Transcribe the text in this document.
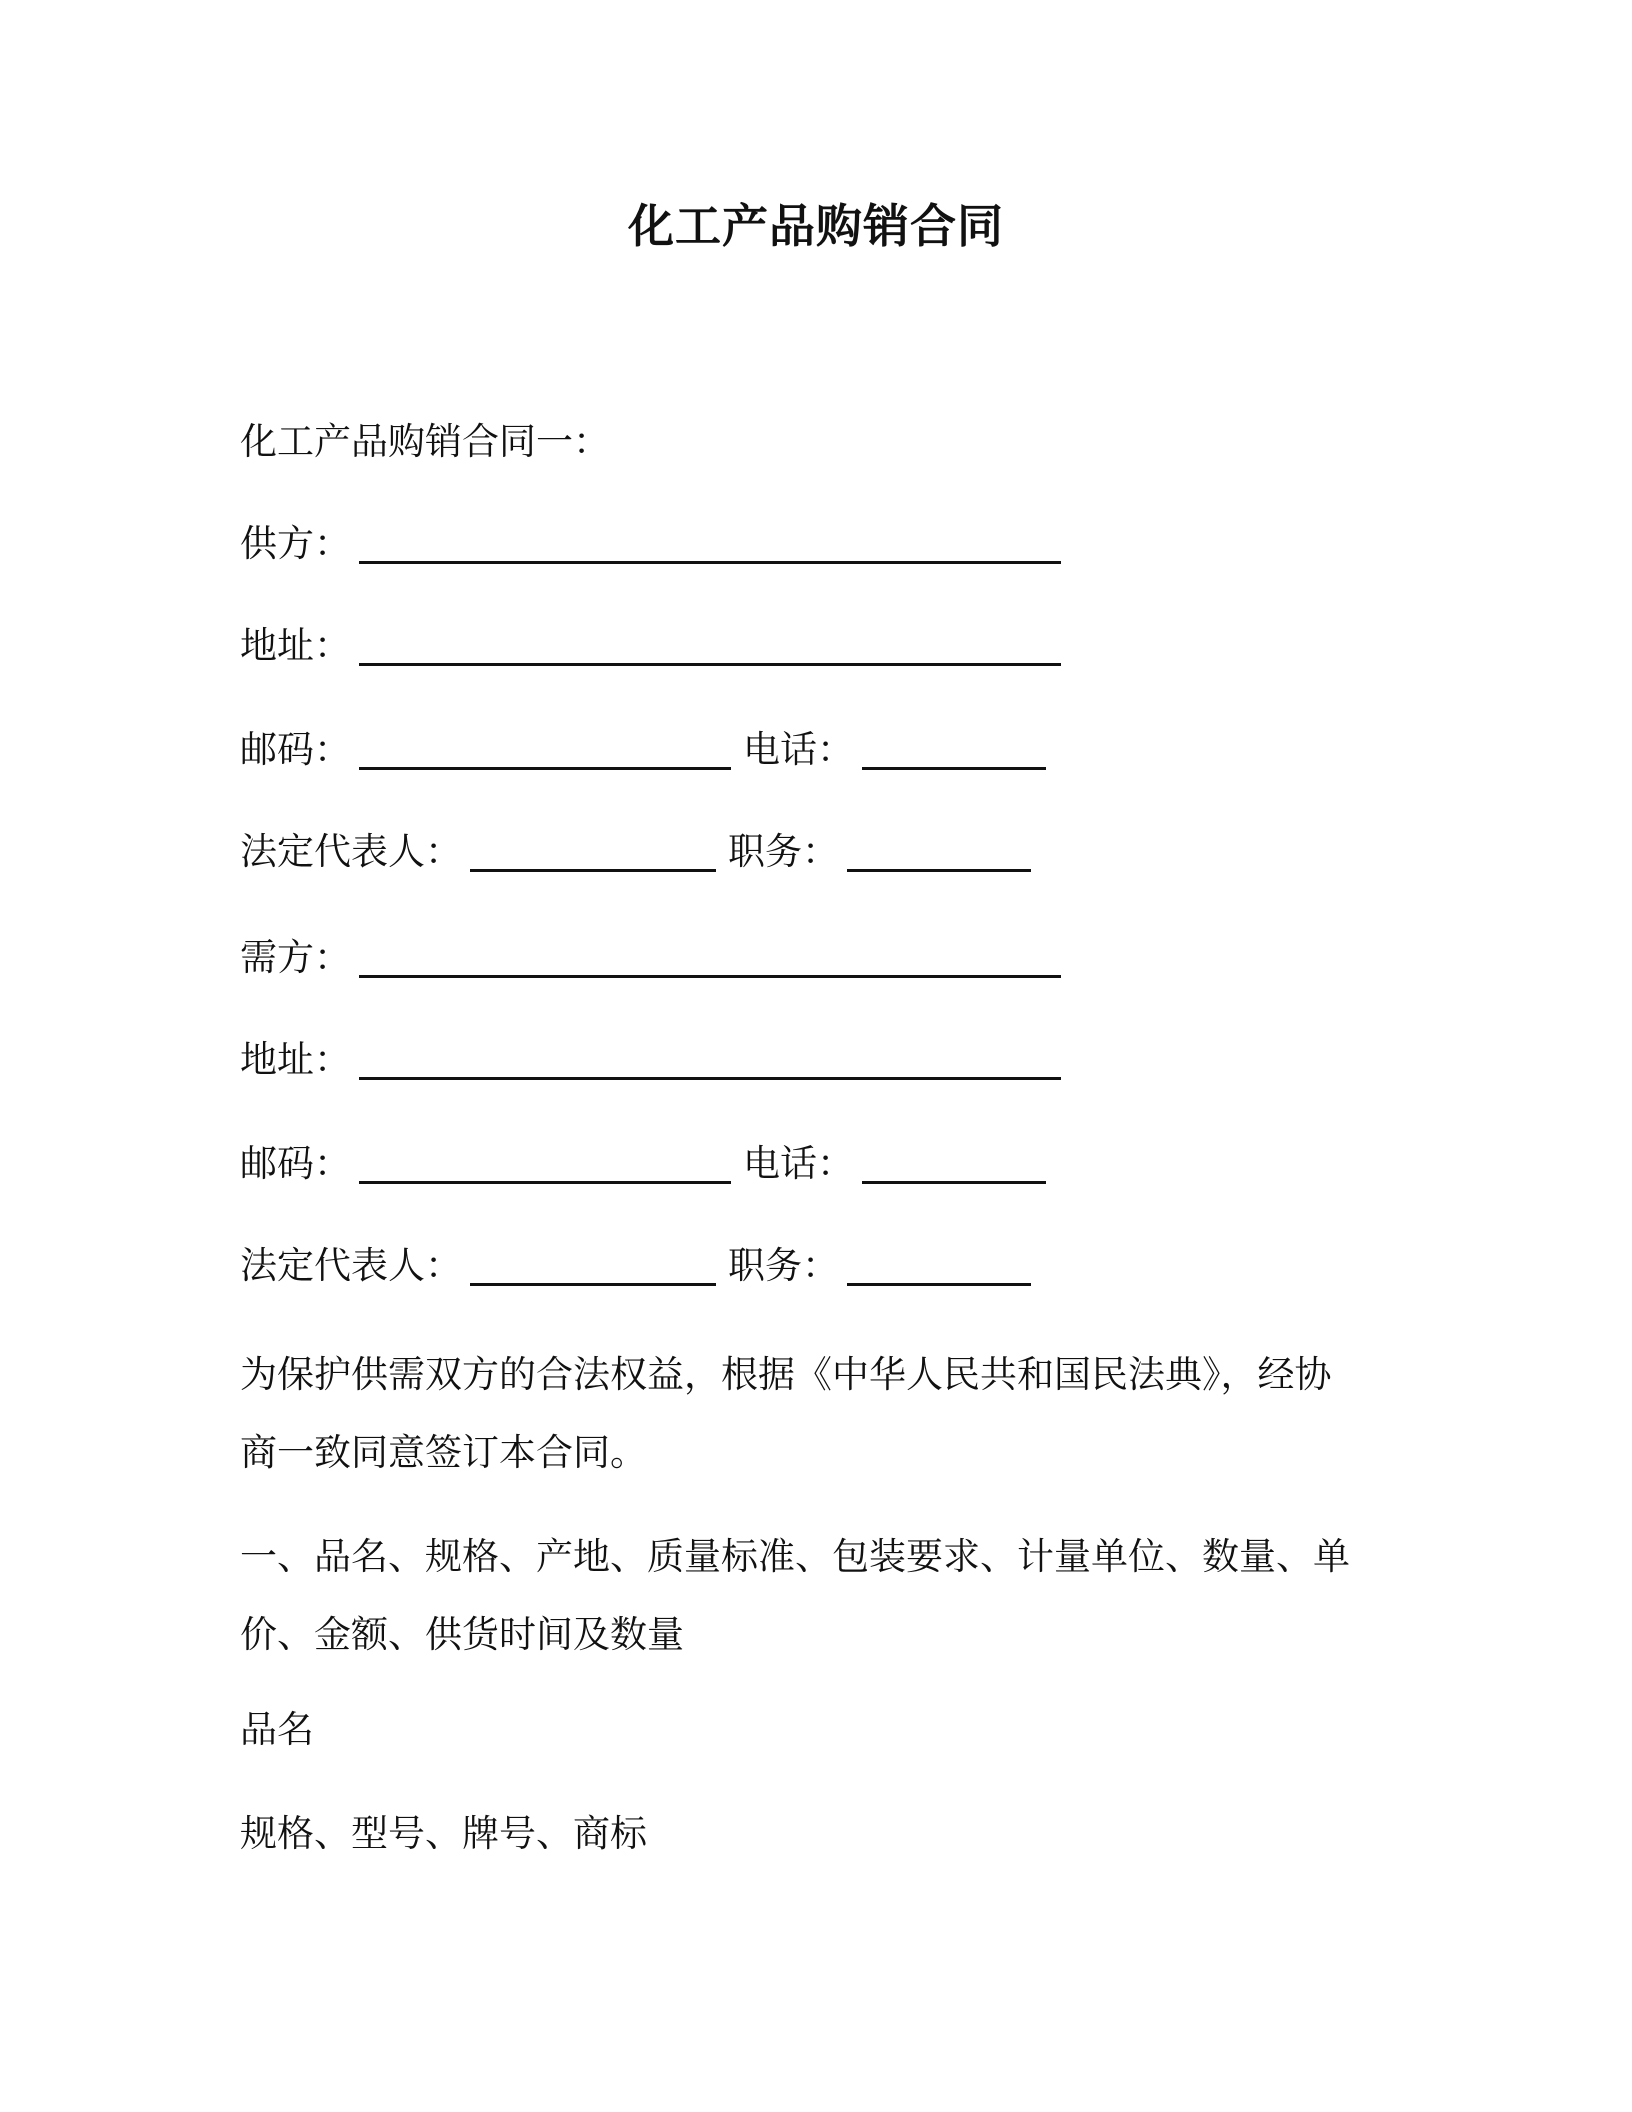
化工产品购销合同
化工产品购销合同一：
供方：
地址：
邮码：	电话：
法定代表人：	职务：
需方：
地址：
邮码：	电话：
法定代表人：	职务：
为保护供需双方的合法权益，根据《中华人民共和国民法典》，经协商一致同意签订本合同。
一、品名、规格、产地、质量标准、包装要求、计量单位、数量、单价、金额、供货时间及数量
品名
规格、型号、牌号、商标
